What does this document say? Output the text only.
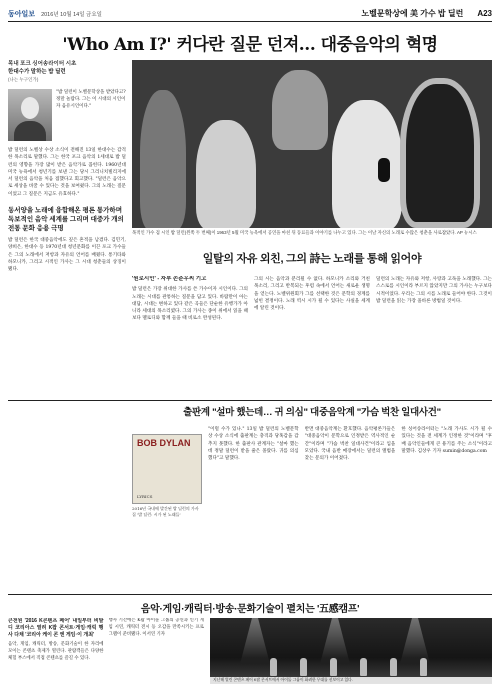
동아일보 2016년 10월 14일 금요일	노벨문학상에 美 가수 밥 딜런	A23
'Who Am I?' 커다란 질문 던져… 대중음악의 혁명
목내 포크 싱어송라이터 시초
한대수가 말하는 밥 딜런
(나는 누구인가)
"밥 딜런이 노벨문학상을 받았다고? 정말 놀랍다. 그는 이 시대의 시인이자 음유시인이다."
밥 딜런의 노벨상 수상 소식이 전해진 13일 한대수는 감격한 목소리로 말했다. 그는 한국 포크 음악의 1세대로 밥 딜런의 영향을 가장 많이 받은 음악가로 꼽힌다. 1960년대 미국 뉴욕에서 청년기를 보낸 그는 당시 그리니치빌리지에서 딜런의 음악을 처음 접했다고 회고했다. "딜런은 음악으로 세상을 바꿀 수 있다는 것을 보여줬다. 그의 노래는 질문이었고 그 질문은 지금도 유효하다."
동서양을 노래에 융합해온 평론 통가하며 독보적인 음악 세계를 그리며 대중가 개의 전통 문화 응용 극명
밥 딜런은 한국 대중음악에도 깊은 흔적을 남겼다. 김민기, 양희은, 한대수 등 1970년대 청년문화를 이끈 포크 가수들은 그의 노래에서 저항과 자유의 언어를 배웠다. 통기타와 하모니카, 그리고 시적인 가사는 그 시대 청춘들의 상징이 됐다.
목적인 가수 겸 시인 밥 딜런(왼쪽 두 번째)이 1963년 5월 미국 뉴욕에서 공연을 마친 뒤 동료들과 이야기를 나누고 있다. 그는 이날 자신의 노래로 수많은 청춘을 사로잡았다. AP 뉴시스
일탈의 자유 외친, 그의 詩는 노래를 통해 읽어야
'원로시인' - 자부 손준우씨 기고
밥 딜런은 가장 위대한 가사를 쓴 가수이자 시인이다. 그의 노래는 시대를 관통하는 질문을 담고 있다. 바람만이 아는 대답, 시대는 변하고 있다 같은 곡들은 단순한 유행가가 아니라 세대의 목소리였다. 그의 가사는 종이 위에서 읽을 때보다 멜로디와 함께 들을 때 비로소 완성된다.
그의 시는 음악과 분리될 수 없다. 하모니카 소리와 거친 목소리, 그리고 반복되는 후렴 속에서 언어는 새로운 생명을 얻는다. 노벨위원회가 그를 선택한 것은 문학의 경계를 넓힌 결정이다. 노래 역시 시가 될 수 있다는 사실을 세계에 알린 것이다.
딜런의 노래는 자유와 저항, 사랑과 고독을 노래했다. 그는 스스로를 시인이라 부르지 않았지만 그의 가사는 누구보다 시적이었다. 우리는 그의 시를 노래로 들어야 한다. 그것이 밥 딜런을 읽는 가장 올바른 방법일 것이다.
출판계 "설마 했는데… 귀 의심" 대중음악계 "가슴 벅찬 일대사건"
BOB DYLAN
LYRICS
2016년 국내에 발간된 밥 딜런의 가사집 '밥 딜런: 시가 된 노래들'
"이럴 수가 있나." 13일 밥 딜런의 노벨문학상 수상 소식에 출판계는 충격과 당혹감을 감추지 못했다. 한 출판사 관계자는 "설마 했는데 정말 딜런이 받을 줄은 몰랐다. 귀를 의심했다"고 말했다.
반면 대중음악계는 환호했다. 음악평론가들은 "대중음악이 문학으로 인정받은 역사적인 순간"이라며 "가슴 벅찬 일대사건"이라고 입을 모았다. 국내 음반 매장에서는 딜런의 앨범을 찾는 문의가 이어졌다.
한 싱어송라이터는 "노래 가사도 시가 될 수 있다는 것을 전 세계가 인정한 것"이라며 "후배 음악인들에게 큰 용기를 주는 소식"이라고 말했다. 김상우 기자 sumin@donga.com
음악·게임·캐릭터·방송·문화기술이 펼치는 '五感캠프'
큰전원 '2016 K콘텐츠 페어' 내일부터 비발디 코리아스 열려 K팝 콘서트·게임·캐릭 행사 다채 '코리아 케이 콘 엔 게임·이 개최'
음악, 게임, 캐릭터, 방송, 문화기술이 한 자리에 모이는 콘텐츠 축제가 열린다. 관람객들은 다양한 체험 부스에서 직접 콘텐츠를 즐길 수 있다.
행사 기간에는 K팝 아이돌 그룹의 공연과 인기 게임 시연, 캐릭터 전시 등 오감을 만족시키는 프로그램이 준비됐다. 이서연 기자
지난해 열린 콘텐츠 페어 K팝 콘서트에서 아이돌 그룹이 화려한 무대를 선보이고 있다.
